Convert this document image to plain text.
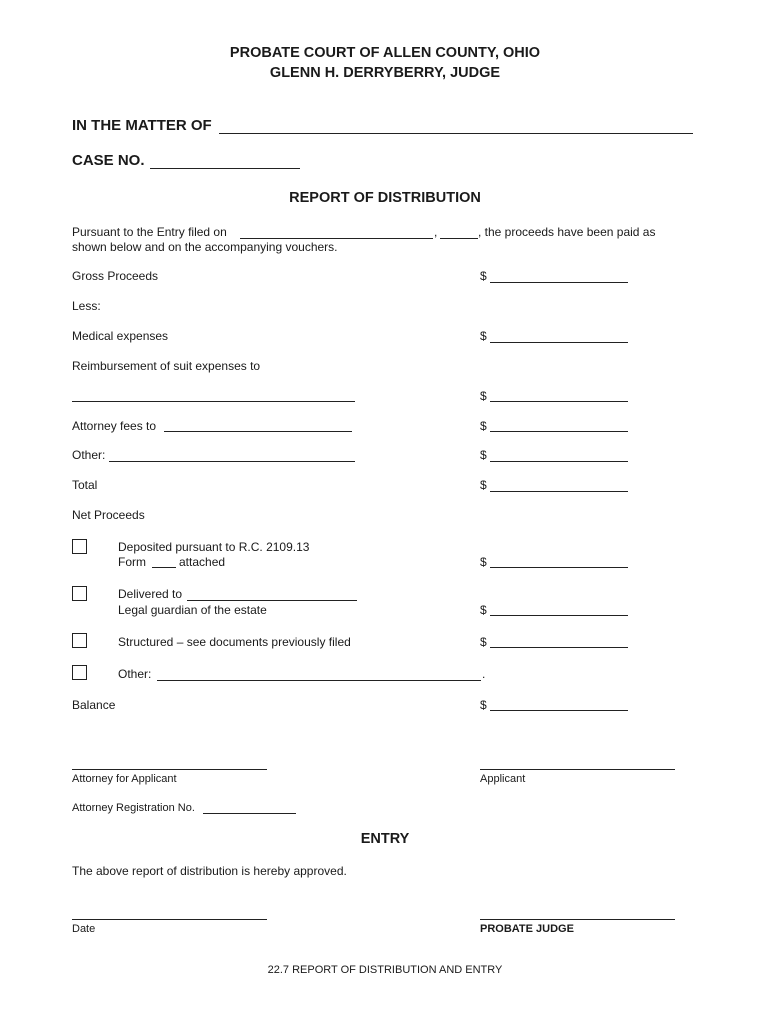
PROBATE COURT OF ALLEN COUNTY, OHIO
GLENN H. DERRYBERRY, JUDGE
IN THE MATTER OF
CASE NO.
REPORT OF DISTRIBUTION
Pursuant to the Entry filed on	,	, the proceeds have been paid as
shown below and on the accompanying vouchers.
Gross Proceeds	$
Less:
Medical expenses	$
Reimbursement of suit expenses to
$
Attorney fees to	$
Other:	$
Total	$
Net Proceeds
Deposited pursuant to R.C. 2109.13
Form	attached	$
Delivered to
Legal guardian of the estate	$
Structured – see documents previously filed	$
Other:	.
Balance	$
Attorney for Applicant	Applicant
Attorney Registration No.
ENTRY
The above report of distribution is hereby approved.
Date	PROBATE JUDGE
22.7 REPORT OF DISTRIBUTION AND ENTRY
